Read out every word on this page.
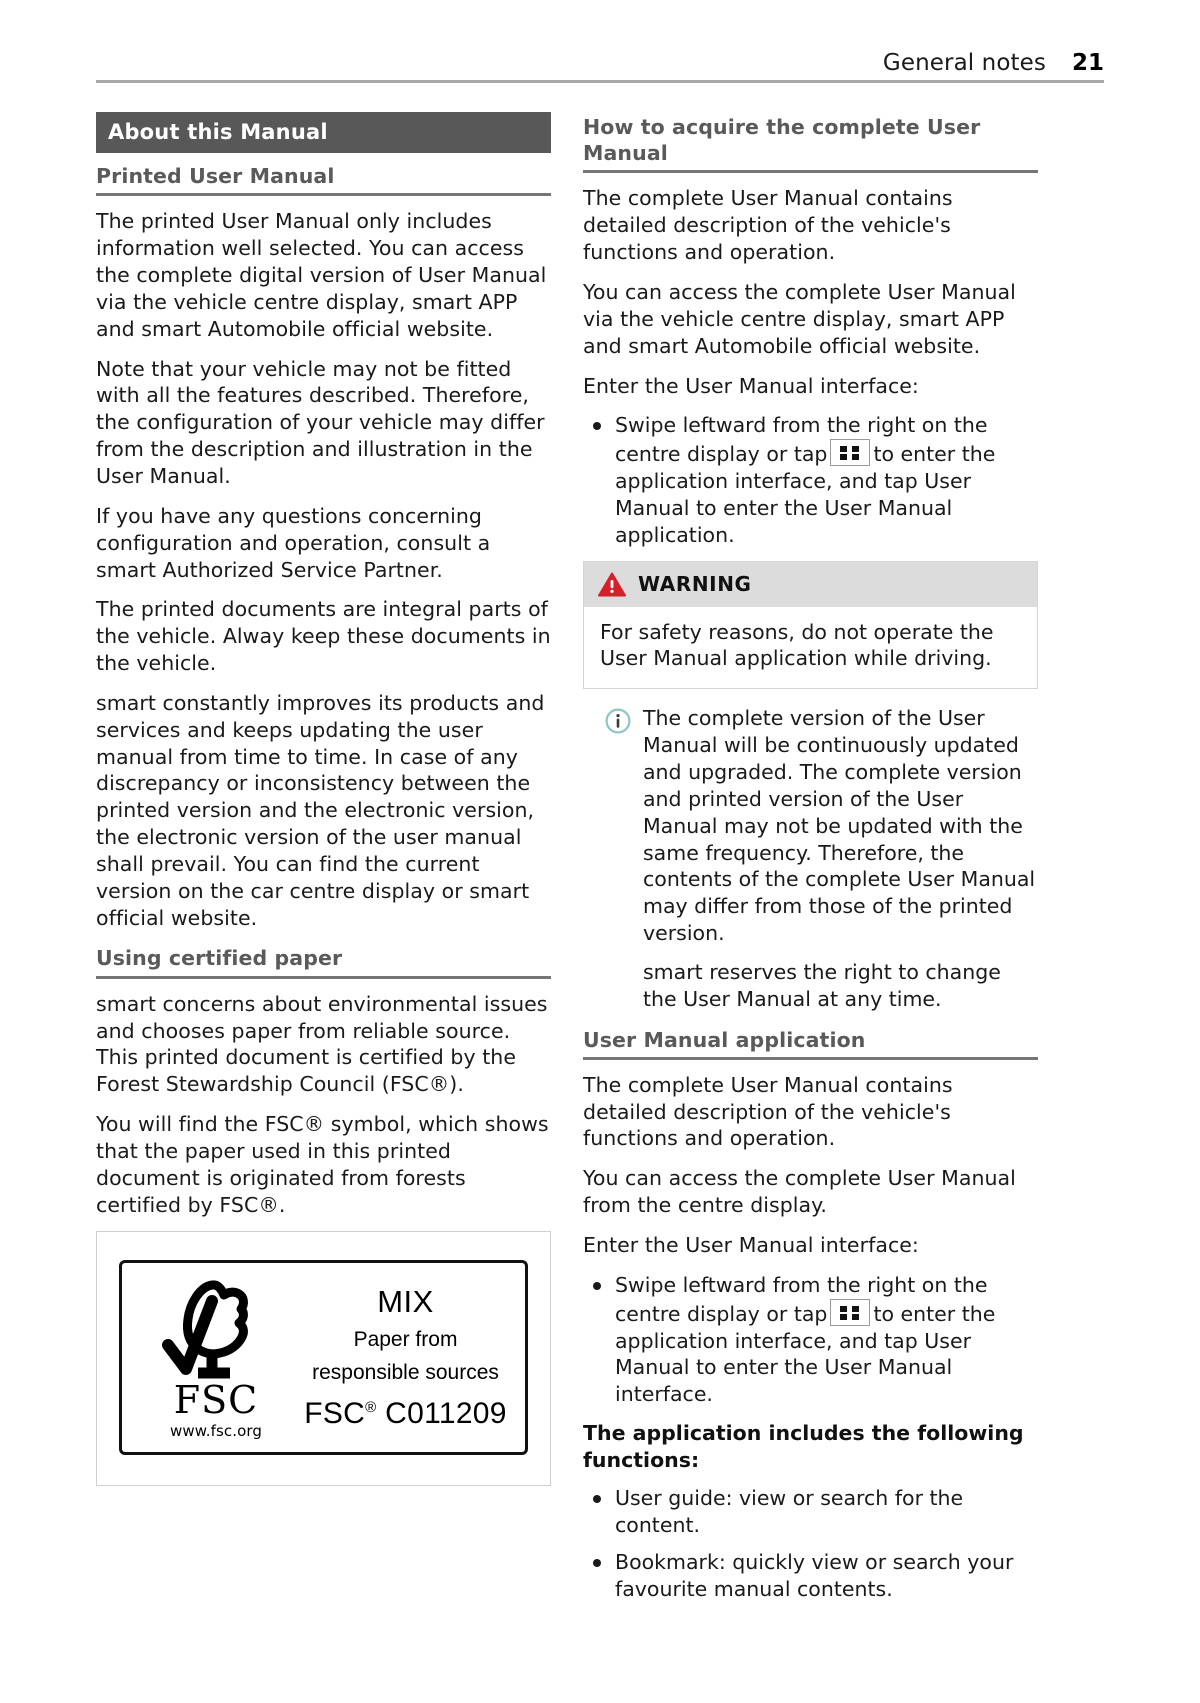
General notes 21
About this Manual
Printed User Manual

The printed User Manual only includes information well selected. You can access the complete digital version of User Manual via the vehicle centre display, smart APP and smart Automobile official website.

Note that your vehicle may not be fitted with all the features described. Therefore, the configuration of your vehicle may differ from the description and illustration in the User Manual.

If you have any questions concerning configuration and operation, consult a smart Authorized Service Partner.

The printed documents are integral parts of the vehicle. Alway keep these documents in the vehicle.

smart constantly improves its products and services and keeps updating the user manual from time to time. In case of any discrepancy or inconsistency between the printed version and the electronic version, the electronic version of the user manual shall prevail. You can find the current version on the car centre display or smart official website.

Using certified paper

smart concerns about environmental issues and chooses paper from reliable source. This printed document is certified by the Forest Stewardship Council (FSC®).

You will find the FSC® symbol, which shows that the paper used in this printed document is originated from forests certified by FSC®.

FSC
www.fsc.org
MIX
Paper from
responsible sources
FSC® C011209
How to acquire the complete User Manual

The complete User Manual contains detailed description of the vehicle's functions and operation.

You can access the complete User Manual via the vehicle centre display, smart APP and smart Automobile official website.

Enter the User Manual interface:

Swipe leftward from the right on the centre display or tap to enter the application interface, and tap User Manual to enter the User Manual application.
WARNING

For safety reasons, do not operate the User Manual application while driving.

The complete version of the User Manual will be continuously updated and upgraded. The complete version and printed version of the User Manual may not be updated with the same frequency. Therefore, the contents of the complete User Manual may differ from those of the printed version.

smart reserves the right to change the User Manual at any time.

User Manual application

The complete User Manual contains detailed description of the vehicle's functions and operation.

You can access the complete User Manual from the centre display.

Enter the User Manual interface:

Swipe leftward from the right on the centre display or tap to enter the application interface, and tap User Manual to enter the User Manual interface.
The application includes the following functions:
User guide: view or search for the content.
Bookmark: quickly view or search your favourite manual contents.
